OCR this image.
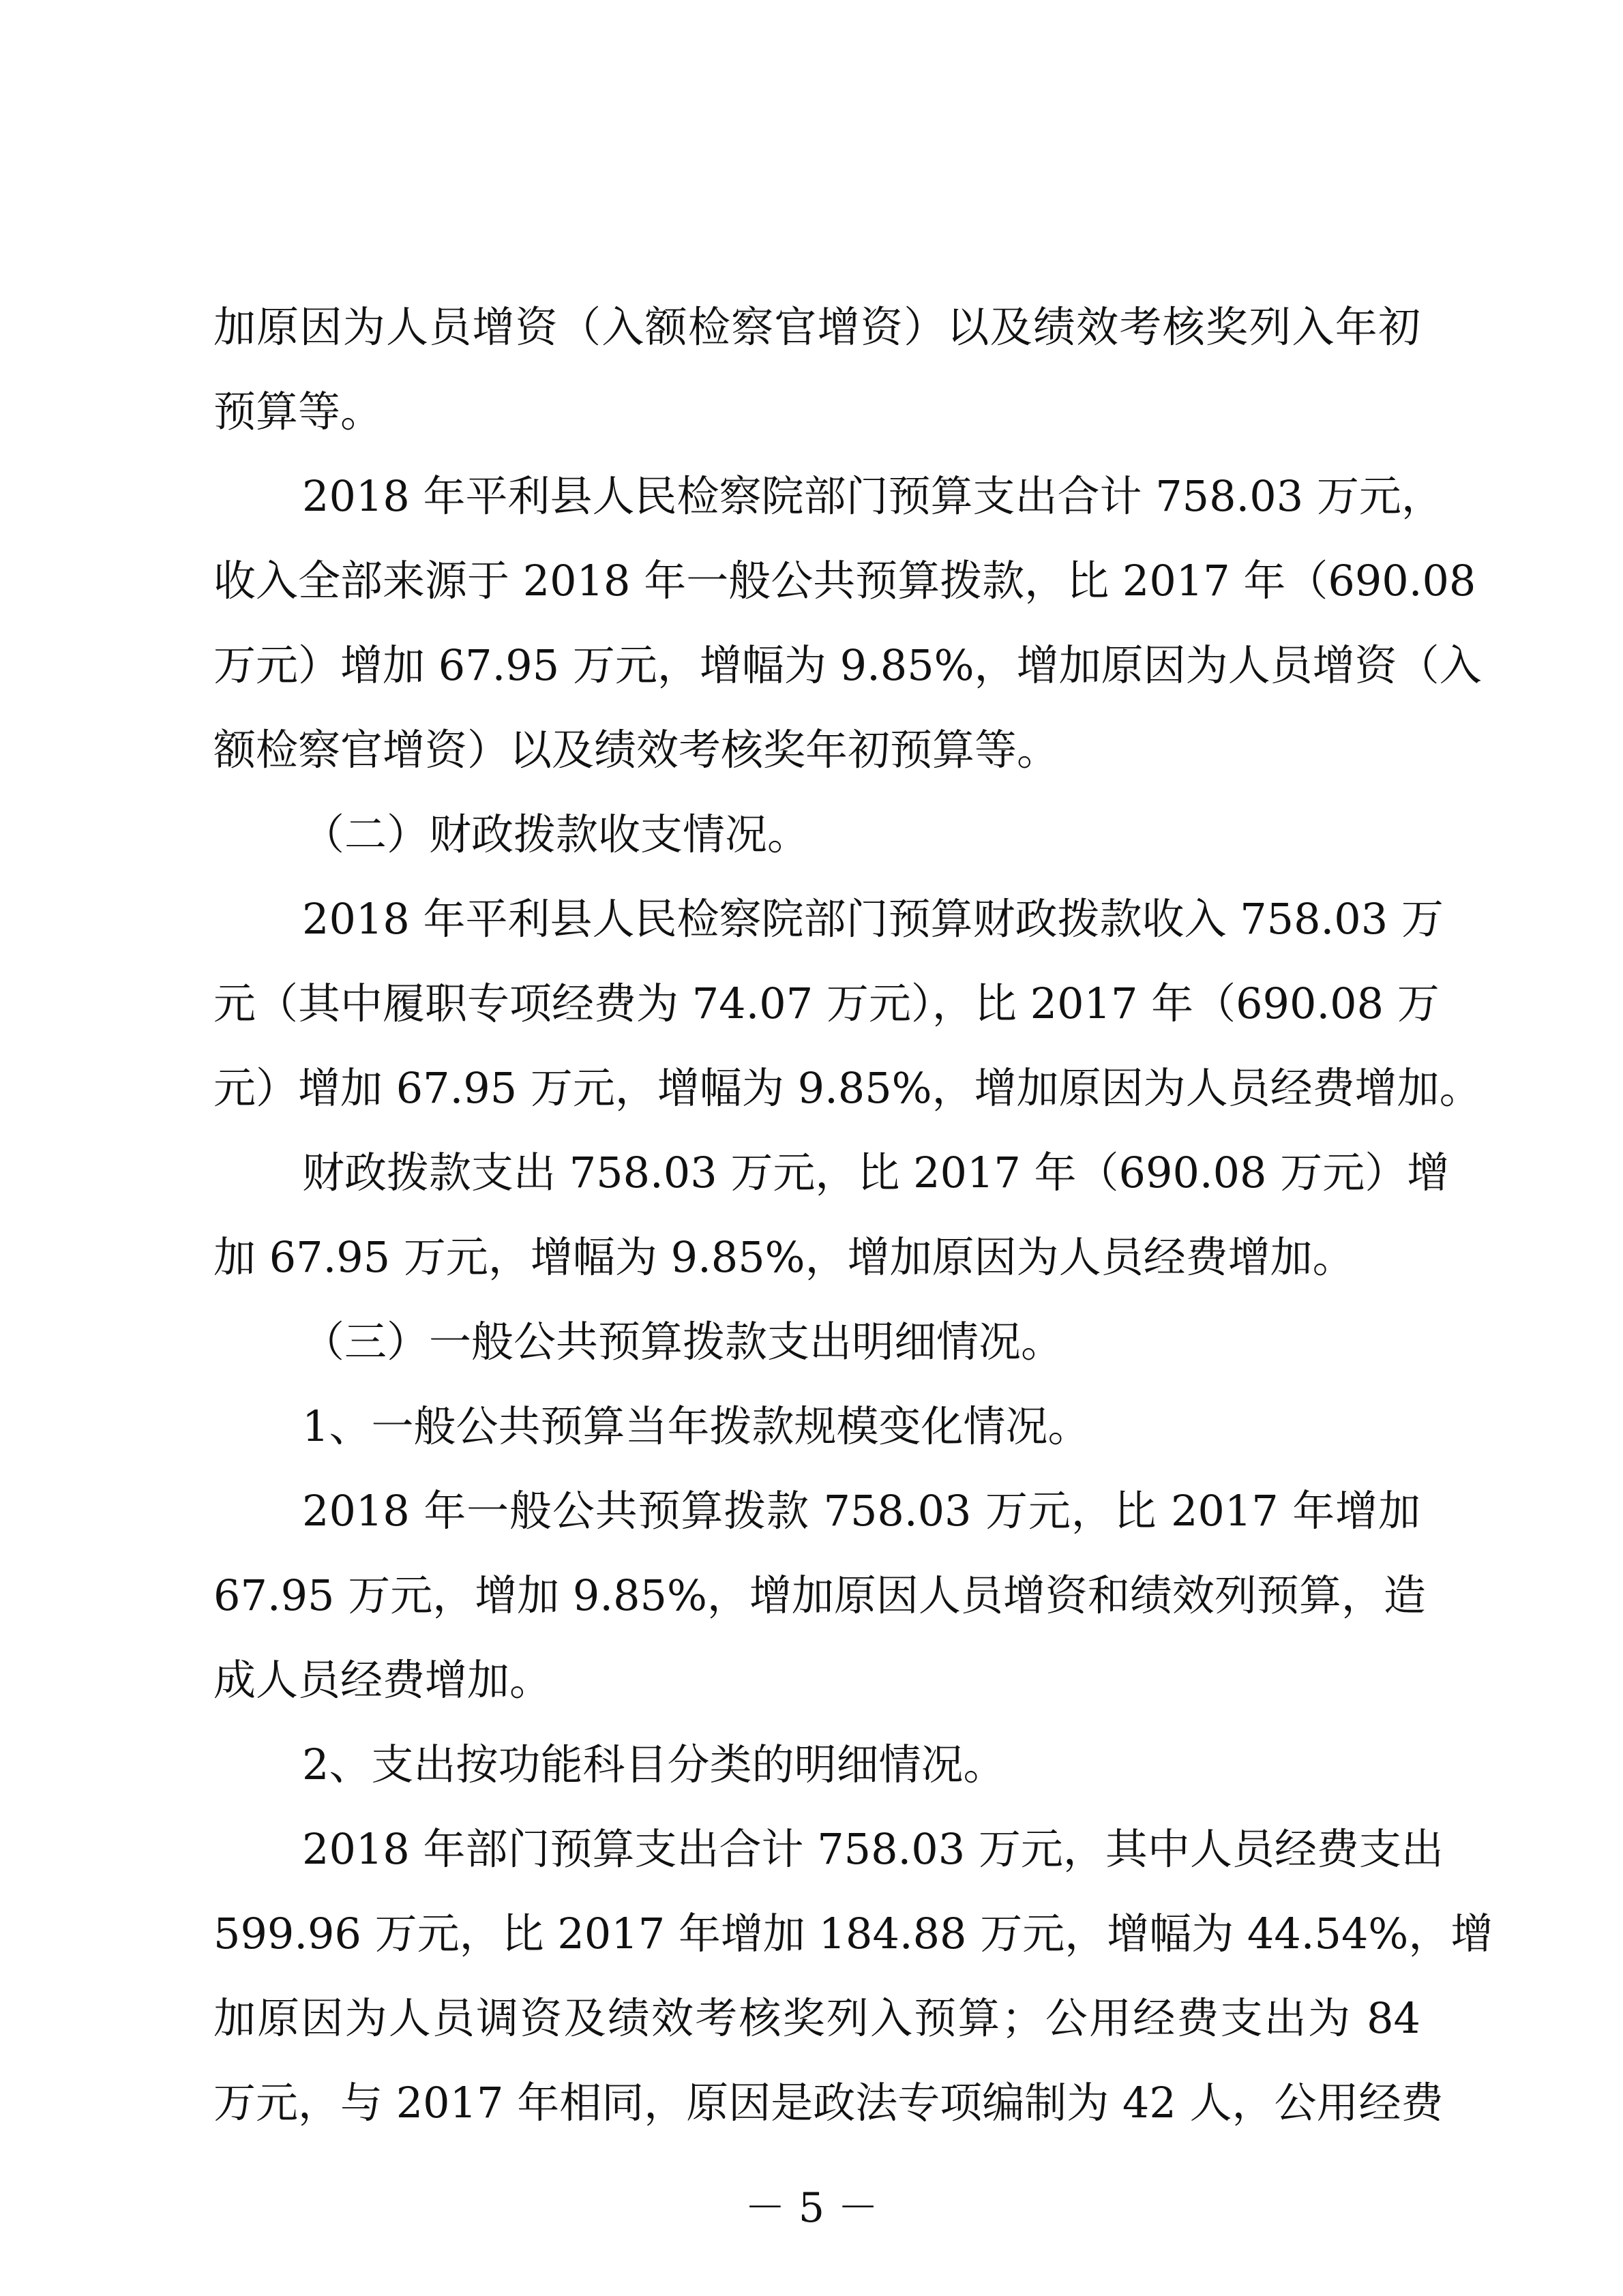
加原因为人员增资（入额检察官增资）以及绩效考核奖列入年初
预算等。
2018 年平利县人民检察院部门预算支出合计 758.03 万元，
收入全部来源于 2018 年一般公共预算拨款，比 2017 年（690.08
万元）增加 67.95 万元，增幅为 9.85%，增加原因为人员增资（入
额检察官增资）以及绩效考核奖年初预算等。
（二）财政拨款收支情况。
2018 年平利县人民检察院部门预算财政拨款收入 758.03 万
元（其中履职专项经费为 74.07 万元），比 2017 年（690.08 万
元）增加 67.95 万元，增幅为 9.85%，增加原因为人员经费增加。
财政拨款支出 758.03 万元，比 2017 年（690.08 万元）增
加 67.95 万元，增幅为 9.85%，增加原因为人员经费增加。
（三）一般公共预算拨款支出明细情况。
1、一般公共预算当年拨款规模变化情况。
2018 年一般公共预算拨款 758.03 万元，比 2017 年增加
67.95 万元，增加 9.85%，增加原因人员增资和绩效列预算，造
成人员经费增加。
2、支出按功能科目分类的明细情况。
2018 年部门预算支出合计 758.03 万元，其中人员经费支出
599.96 万元，比 2017 年增加 184.88 万元，增幅为 44.54%，增
加原因为人员调资及绩效考核奖列入预算；公用经费支出为 84
万元，与 2017 年相同，原因是政法专项编制为 42 人，公用经费
－ 5 －
